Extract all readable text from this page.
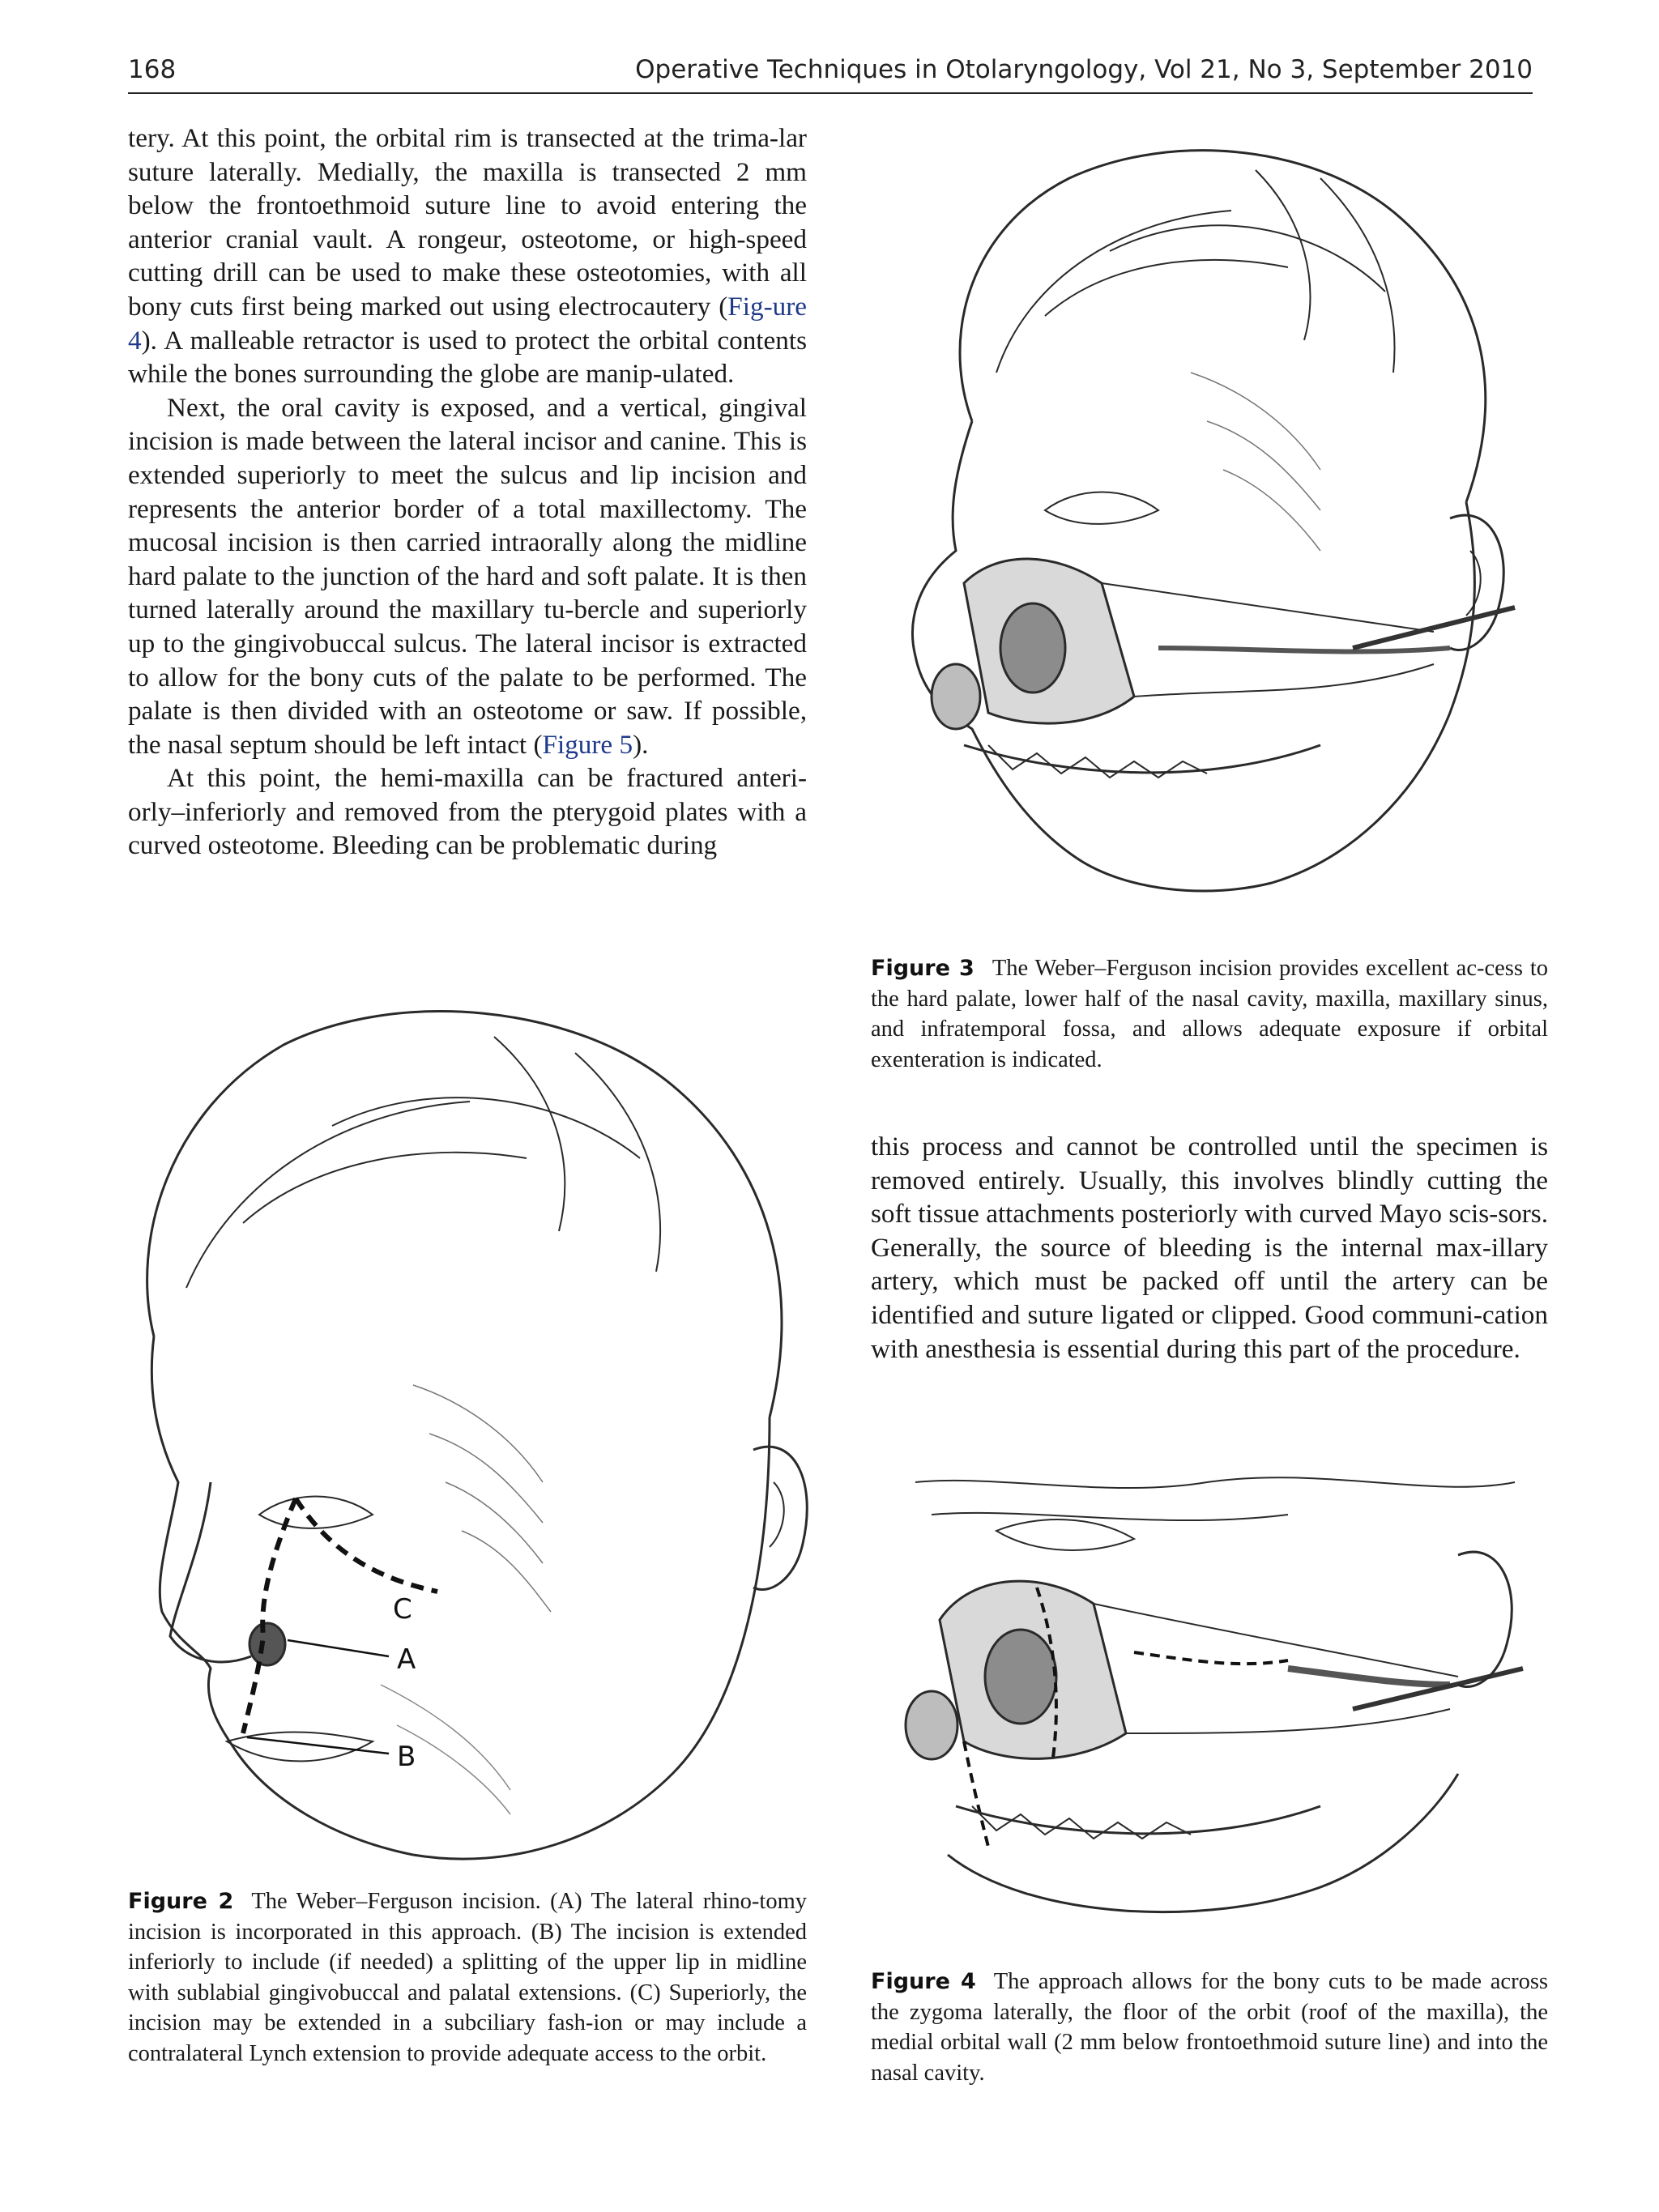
168	Operative Techniques in Otolaryngology, Vol 21, No 3, September 2010

tery. At this point, the orbital rim is transected at the trima-lar suture laterally. Medially, the maxilla is transected 2 mm below the frontoethmoid suture line to avoid entering the anterior cranial vault. A rongeur, osteotome, or high-speed cutting drill can be used to make these osteotomies, with all bony cuts first being marked out using electrocautery (Fig-ure 4). A malleable retractor is used to protect the orbital contents while the bones surrounding the globe are manip-ulated.

Next, the oral cavity is exposed, and a vertical, gingival incision is made between the lateral incisor and canine. This is extended superiorly to meet the sulcus and lip incision and represents the anterior border of a total maxillectomy. The mucosal incision is then carried intraorally along the midline hard palate to the junction of the hard and soft palate. It is then turned laterally around the maxillary tu-bercle and superiorly up to the gingivobuccal sulcus. The lateral incisor is extracted to allow for the bony cuts of the palate to be performed. The palate is then divided with an osteotome or saw. If possible, the nasal septum should be left intact (Figure 5).

At this point, the hemi-maxilla can be fractured anteri-orly–inferiorly and removed from the pterygoid plates with a curved osteotome. Bleeding can be problematic during

Figure 3 The Weber–Ferguson incision provides excellent ac-cess to the hard palate, lower half of the nasal cavity, maxilla, maxillary sinus, and infratemporal fossa, and allows adequate exposure if orbital exenteration is indicated.

this process and cannot be controlled until the specimen is removed entirely. Usually, this involves blindly cutting the soft tissue attachments posteriorly with curved Mayo scis-sors. Generally, the source of bleeding is the internal max-illary artery, which must be packed off until the artery can be identified and suture ligated or clipped. Good communi-cation with anesthesia is essential during this part of the procedure.

C
A
B
Figure 2 The Weber–Ferguson incision. (A) The lateral rhino-tomy incision is incorporated in this approach. (B) The incision is extended inferiorly to include (if needed) a splitting of the upper lip in midline with sublabial gingivobuccal and palatal extensions. (C) Superiorly, the incision may be extended in a subciliary fash-ion or may include a contralateral Lynch extension to provide adequate access to the orbit.
Figure 4 The approach allows for the bony cuts to be made across the zygoma laterally, the floor of the orbit (roof of the maxilla), the medial orbital wall (2 mm below frontoethmoid suture line) and into the nasal cavity.
